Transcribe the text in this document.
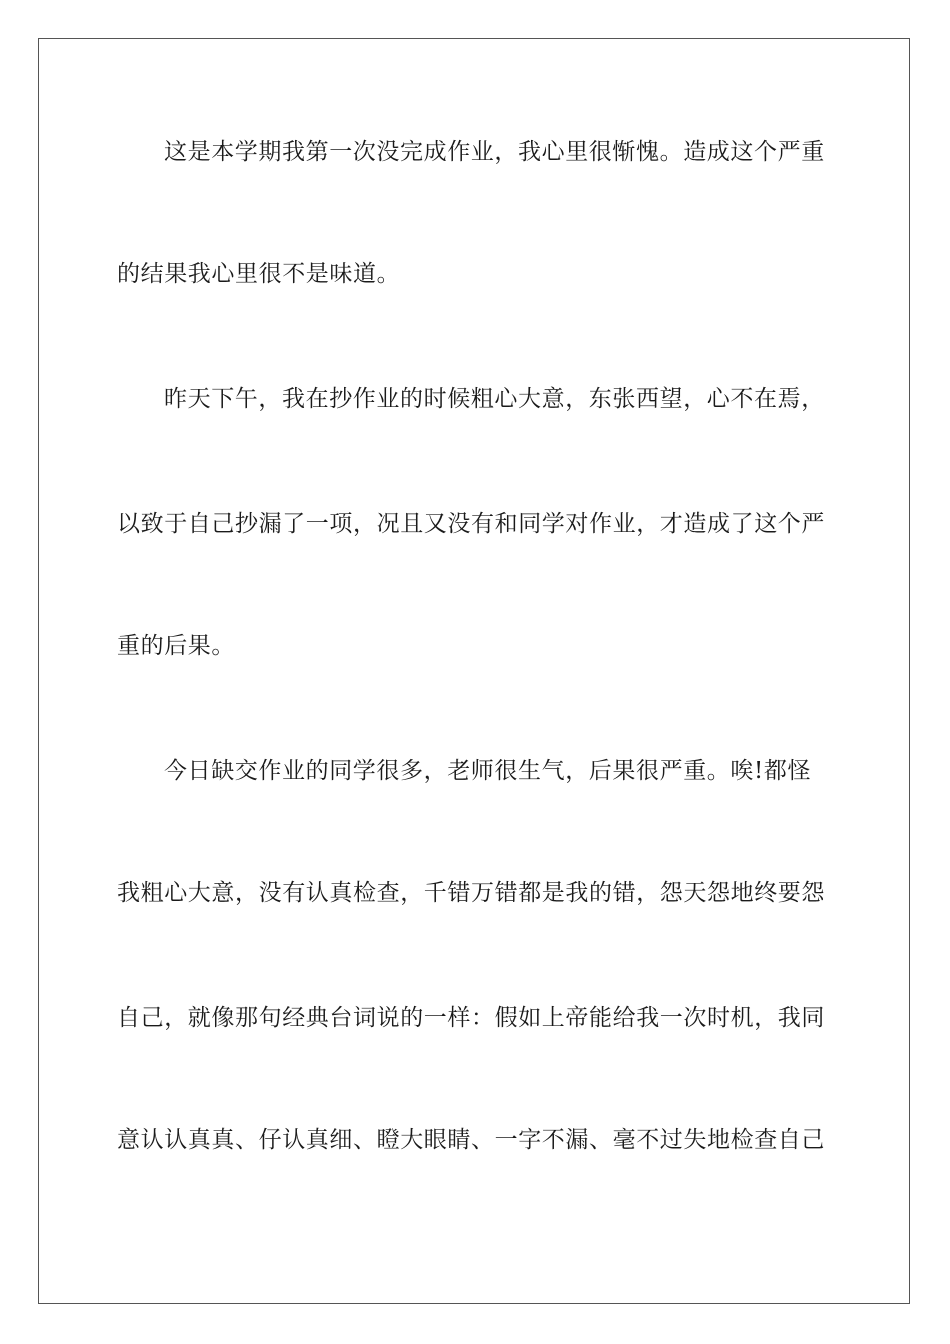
这是本学期我第一次没完成作业，我心里很惭愧。造成这个严重
的结果我心里很不是味道。
昨天下午，我在抄作业的时候粗心大意，东张西望，心不在焉，
以致于自己抄漏了一项，况且又没有和同学对作业，才造成了这个严
重的后果。
今日缺交作业的同学很多，老师很生气，后果很严重。唉!都怪
我粗心大意，没有认真检查，千错万错都是我的错，怨天怨地终要怨
自己，就像那句经典台词说的一样：假如上帝能给我一次时机，我同
意认认真真、仔认真细、瞪大眼睛、一字不漏、毫不过失地检查自己
